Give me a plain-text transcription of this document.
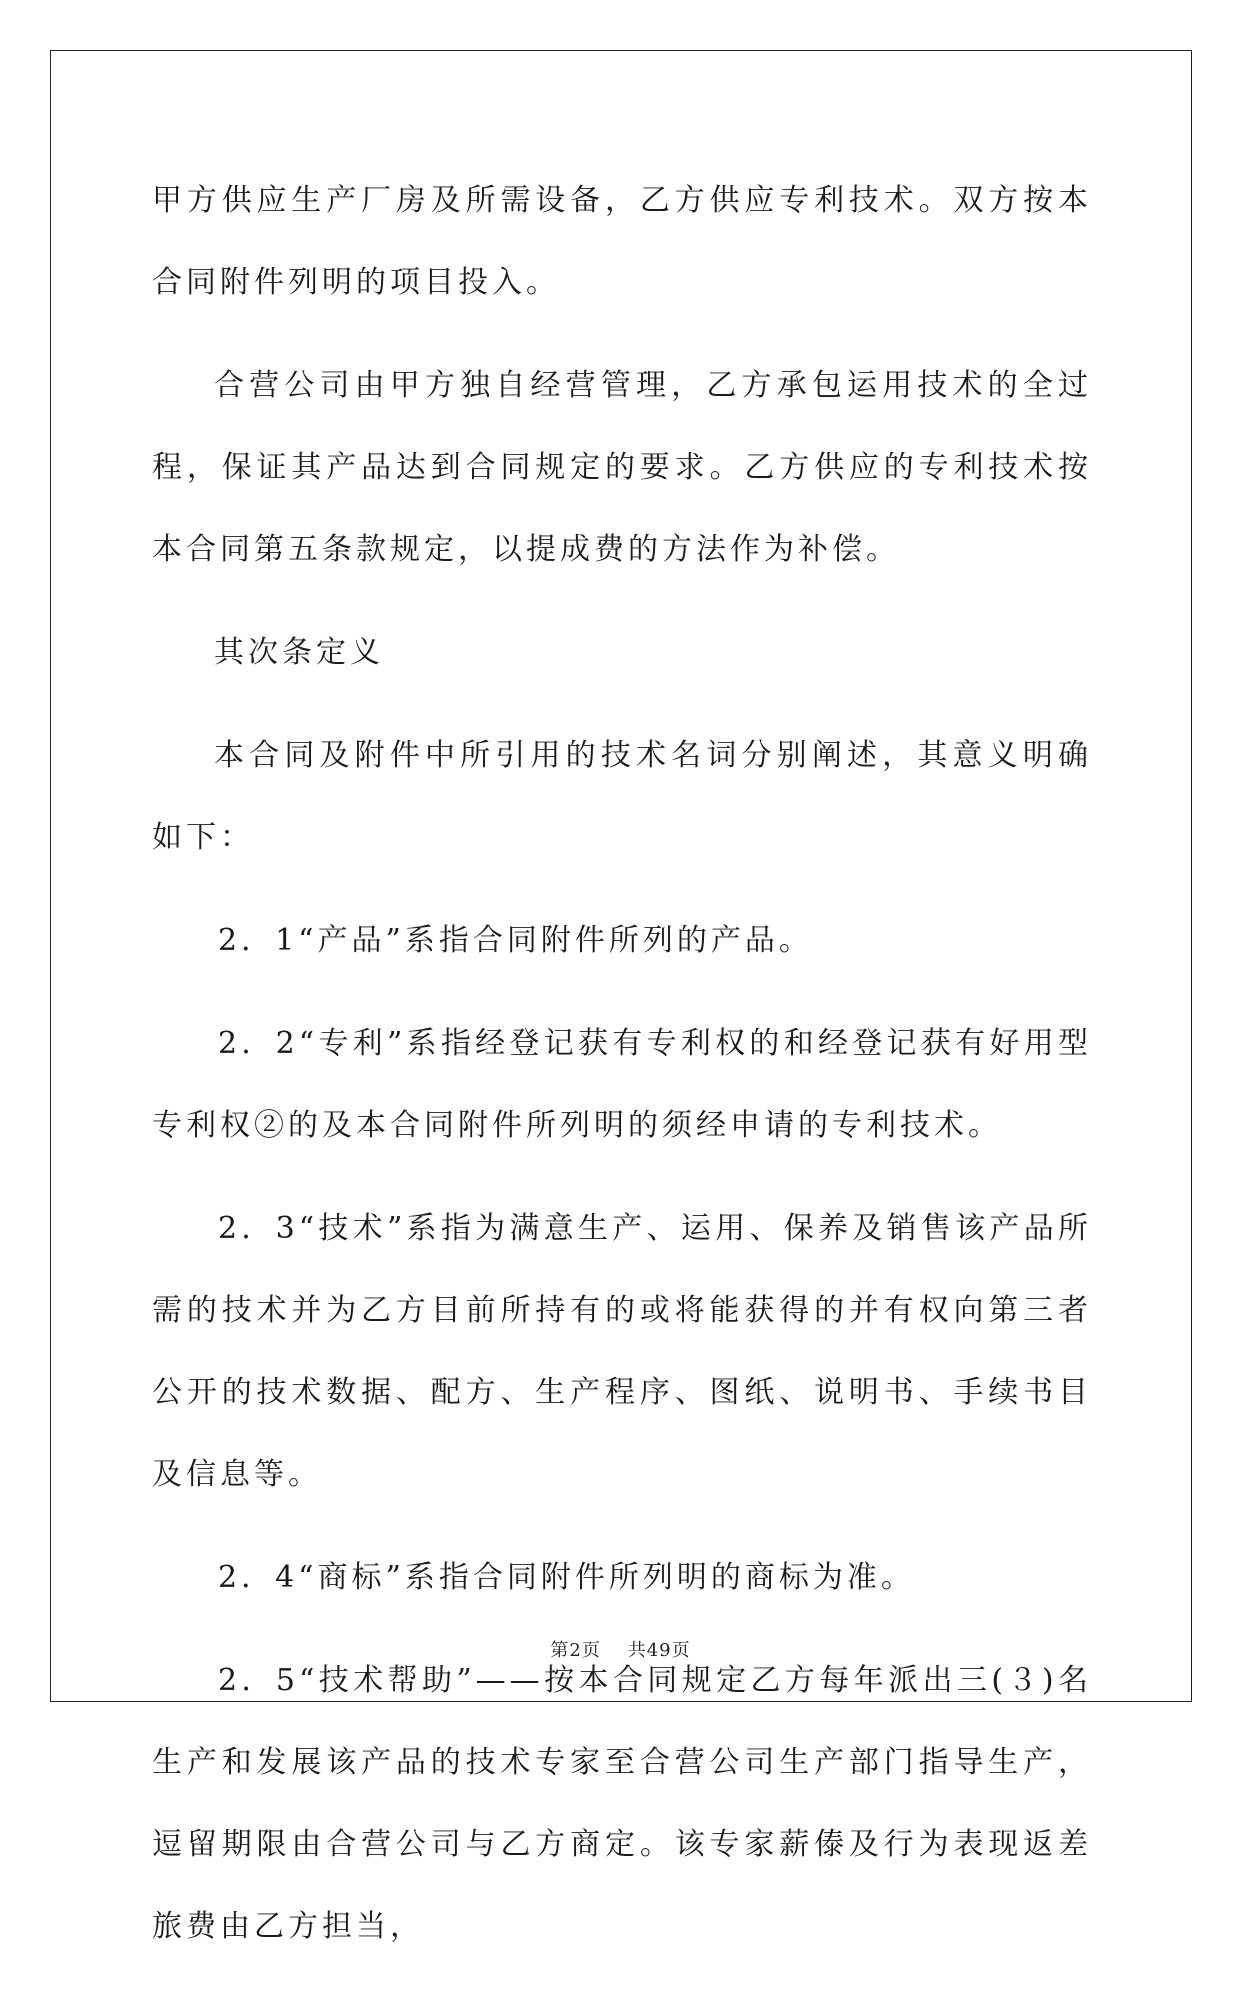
甲方供应生产厂房及所需设备，乙方供应专利技术。双方按本合同附件列明的项目投入。

合营公司由甲方独自经营管理，乙方承包运用技术的全过程，保证其产品达到合同规定的要求。乙方供应的专利技术按本合同第五条款规定，以提成费的方法作为补偿。

其次条定义

本合同及附件中所引用的技术名词分别阐述，其意义明确如下：

2．1“产品”系指合同附件所列的产品。

2．2“专利”系指经登记获有专利权的和经登记获有好用型专利权②的及本合同附件所列明的须经申请的专利技术。

2．3“技术”系指为满意生产、运用、保养及销售该产品所需的技术并为乙方目前所持有的或将能获得的并有权向第三者公开的技术数据、配方、生产程序、图纸、说明书、手续书目及信息等。

2．4“商标”系指合同附件所列明的商标为准。

2．5“技术帮助”——按本合同规定乙方每年派出三(３)名生产和发展该产品的技术专家至合营公司生产部门指导生产，逗留期限由合营公司与乙方商定。该专家薪傣及行为表现返差旅费由乙方担当，

第2页    共49页
